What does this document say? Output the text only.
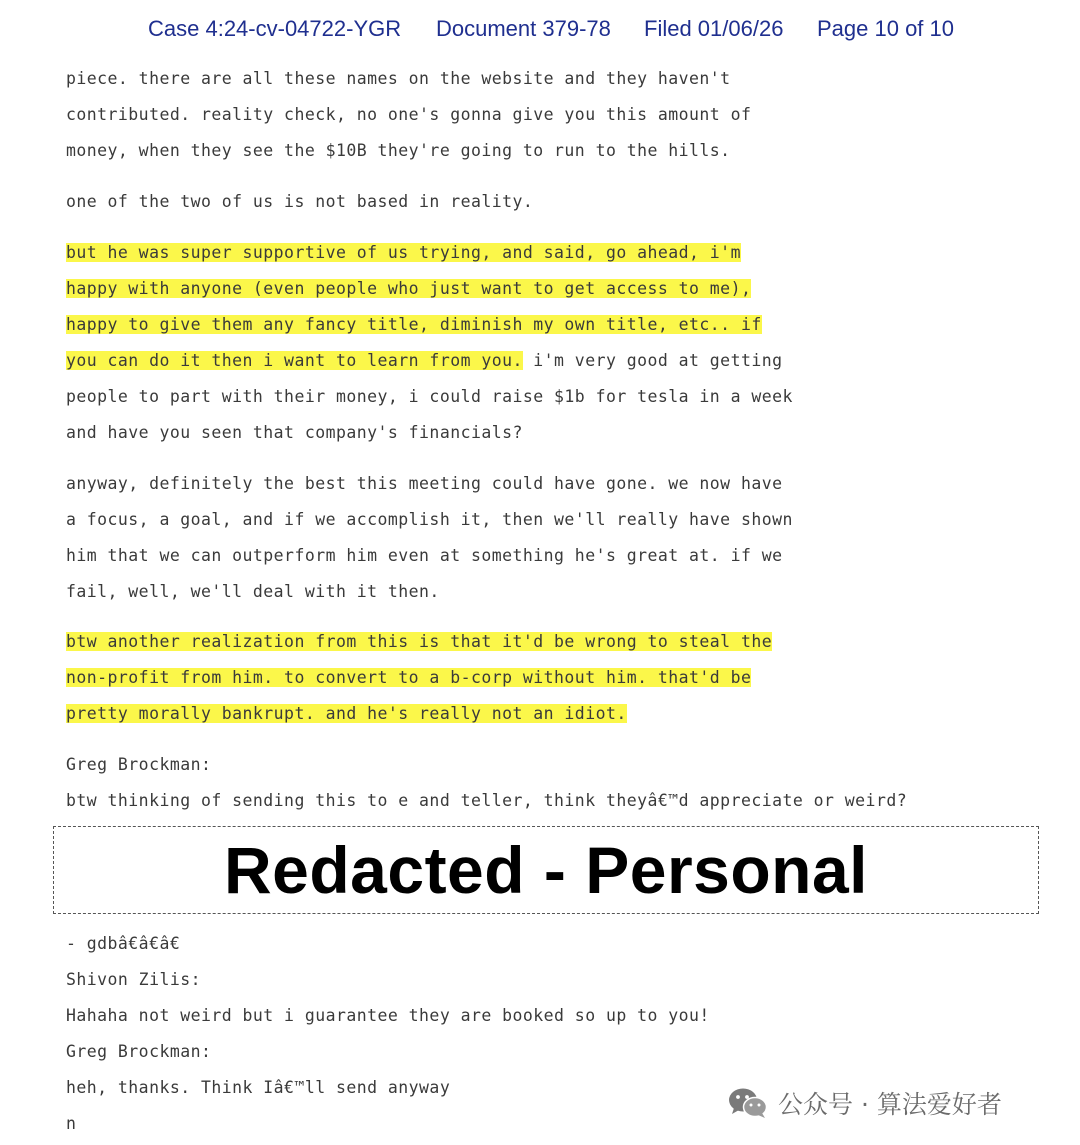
Case 4:24-cv-04722-YGR

Document 379-78

Filed 01/06/26

Page 10 of 10

piece. there are all these names on the website and they haven't
contributed. reality check, no one's gonna give you this amount of
money, when they see the $10B they're going to run to the hills.
one of the two of us is not based in reality.
but he was super supportive of us trying, and said, go ahead, i'm
happy with anyone (even people who just want to get access to me),
happy to give them any fancy title, diminish my own title, etc.. if
you can do it then i want to learn from you. i'm very good at getting
people to part with their money, i could raise $1b for tesla in a week
and have you seen that company's financials?
anyway, definitely the best this meeting could have gone. we now have
a focus, a goal, and if we accomplish it, then we'll really have shown
him that we can outperform him even at something he's great at. if we
fail, well, we'll deal with it then.
btw another realization from this is that it'd be wrong to steal the
non-profit from him. to convert to a b-corp without him. that'd be
pretty morally bankrupt. and he's really not an idiot.
Greg Brockman:
btw thinking of sending this to e and teller, think theyâ€™d appreciate or weird?
Redacted - Personal
- gdbâ€â€â€
Shivon Zilis:
Hahaha not weird but i guarantee they are booked so up to you!
Greg Brockman:
heh, thanks. Think Iâ€™ll send anyway
n
公众号 · 算法爱好者
